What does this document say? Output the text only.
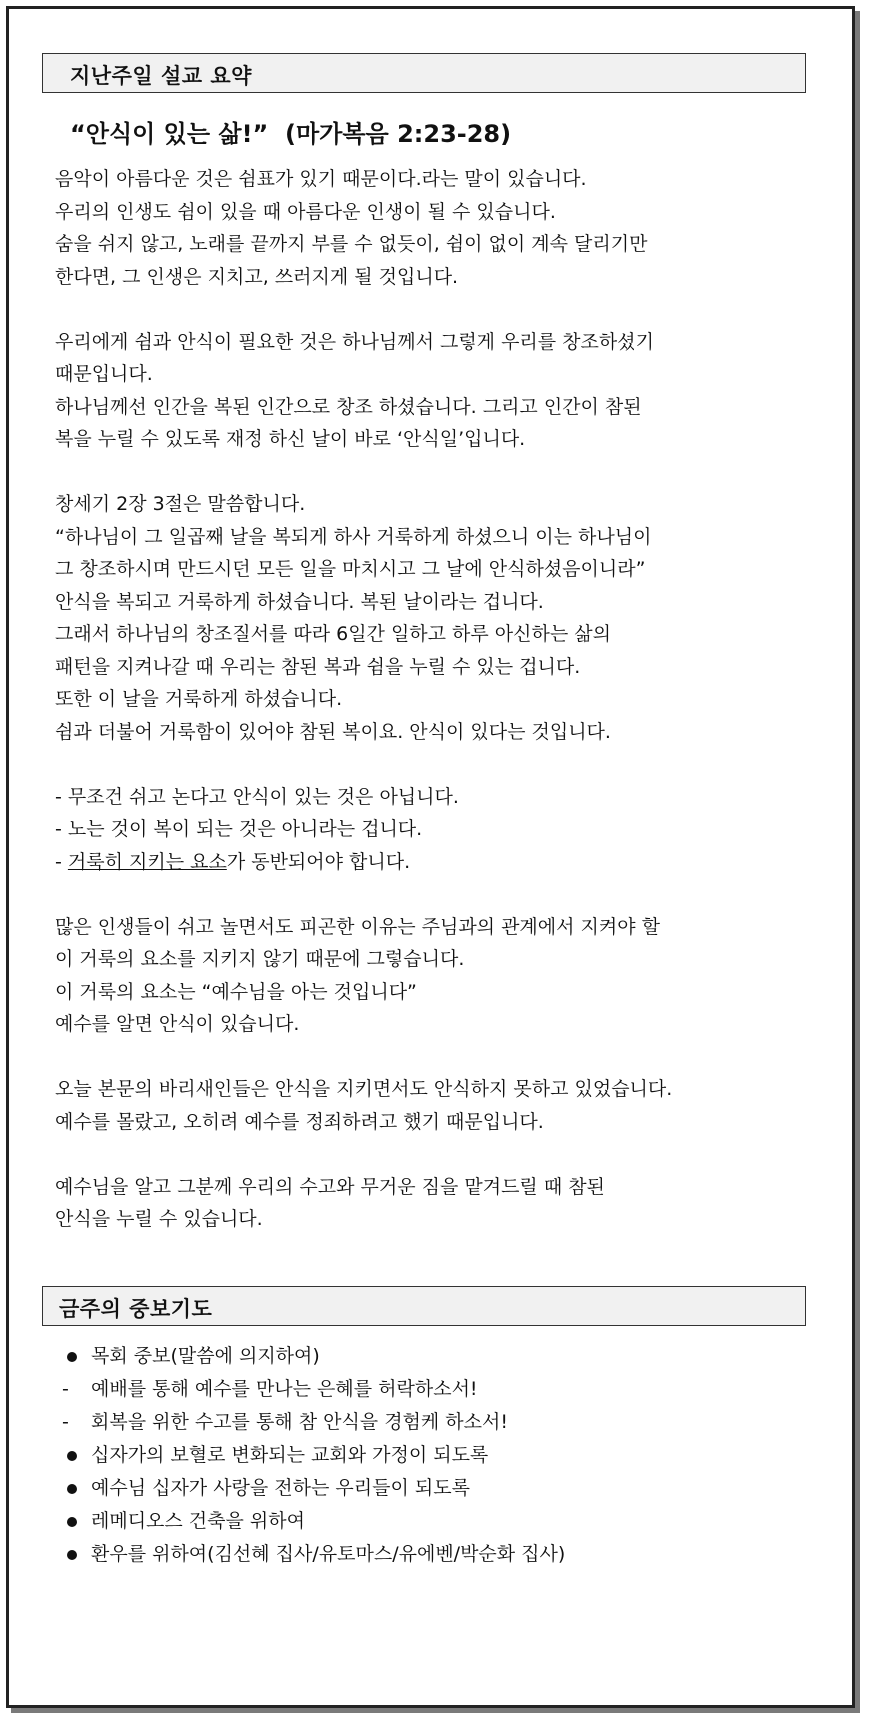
지난주일 설교 요약
“안식이 있는 삶!”  (마가복음 2:23-28)
음악이 아름다운 것은 쉼표가 있기 때문이다.라는 말이 있습니다.
우리의 인생도 쉼이 있을 때 아름다운 인생이 될 수 있습니다.
숨을 쉬지 않고, 노래를 끝까지 부를 수 없듯이, 쉼이 없이 계속 달리기만
한다면, 그 인생은 지치고, 쓰러지게 될 것입니다.
우리에게 쉼과 안식이 필요한 것은 하나님께서 그렇게 우리를 창조하셨기
때문입니다.
하나님께선 인간을 복된 인간으로 창조 하셨습니다. 그리고 인간이 참된
복을 누릴 수 있도록 재정 하신 날이 바로 ‘안식일’입니다.
창세기 2장 3절은 말씀합니다.
“하나님이 그 일곱째 날을 복되게 하사 거룩하게 하셨으니 이는 하나님이
그 창조하시며 만드시던 모든 일을 마치시고 그 날에 안식하셨음이니라”
안식을 복되고 거룩하게 하셨습니다. 복된 날이라는 겁니다.
그래서 하나님의 창조질서를 따라 6일간 일하고 하루 아신하는 삶의
패턴을 지켜나갈 때 우리는 참된 복과 쉼을 누릴 수 있는 겁니다.
또한 이 날을 거룩하게 하셨습니다.
쉼과 더불어 거룩함이 있어야 참된 복이요. 안식이 있다는 것입니다.
- 무조건 쉬고 논다고 안식이 있는 것은 아닙니다.
- 노는 것이 복이 되는 것은 아니라는 겁니다.
- 거룩히 지키는 요소가 동반되어야 합니다.
많은 인생들이 쉬고 놀면서도 피곤한 이유는 주님과의 관계에서 지켜야 할
이 거룩의 요소를 지키지 않기 때문에 그렇습니다.
이 거룩의 요소는 “예수님을 아는 것입니다”
예수를 알면 안식이 있습니다.
오늘 본문의 바리새인들은 안식을 지키면서도 안식하지 못하고 있었습니다.
예수를 몰랐고, 오히려 예수를 정죄하려고 했기 때문입니다.
예수님을 알고 그분께 우리의 수고와 무거운 짐을 맡겨드릴 때 참된
안식을 누릴 수 있습니다.
금주의 중보기도
목회 중보(말씀에 의지하여)
-	예배를 통해 예수를 만나는 은혜를 허락하소서!
-	회복을 위한 수고를 통해 참 안식을 경험케 하소서!
십자가의 보혈로 변화되는 교회와 가정이 되도록
예수님 십자가 사랑을 전하는 우리들이 되도록
레메디오스 건축을 위하여
환우를 위하여(김선혜 집사/유토마스/유에벤/박순화 집사)
